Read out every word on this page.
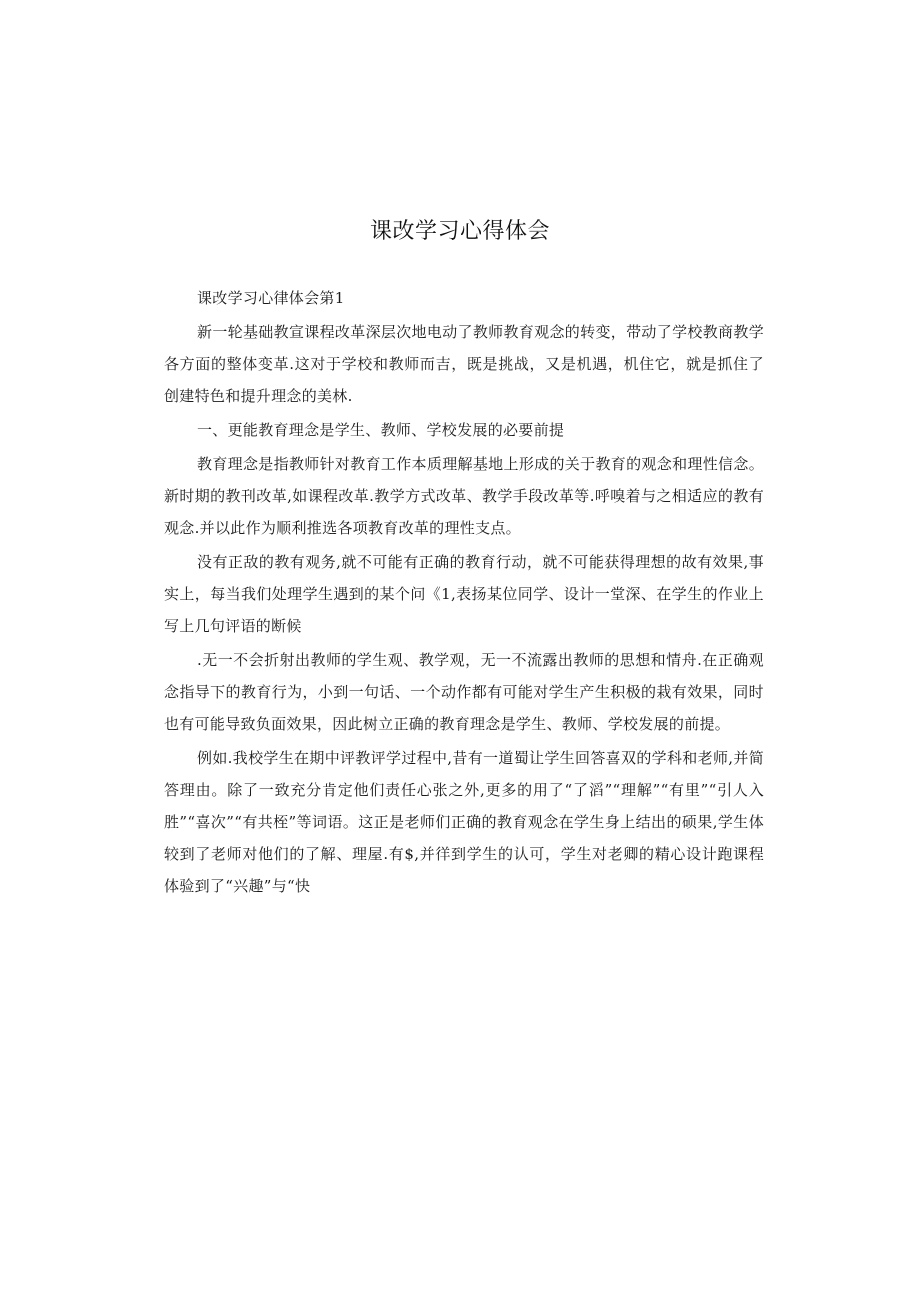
课改学习心得体会

课改学习心律体会第1

新一轮基础教宣课程改革深层次地电动了教师教育观念的转变，带动了学校教商教学各方面的整体变革.这对于学校和教师而吉，既是挑战，又是机遇，机住它，就是抓住了创建特色和提升理念的美林.

一、更能教育理念是学生、教师、学校发展的必要前提

教育理念是指教师针对教育工作本质理解基地上形成的关于教育的观念和理性信念。新时期的教刊改革,如课程改革.教学方式改革、教学手段改革等.呼嗅着与之相适应的教有观念.并以此作为顺利推选各项教育改革的理性支点。

没有正敌的教有观务,就不可能有正确的教育行动，就不可能获得理想的故有效果,事实上，每当我们处理学生遇到的某个问《1,表扬某位同学、设计一堂深、在学生的作业上写上几句评语的断候

.无一不会折射出教师的学生观、教学观，无一不流露出教师的思想和情舟.在正确观念指导下的教育行为，小到一句话、一个动作都有可能对学生产生积极的栽有效果，同时也有可能导致负面效果，因此树立正确的教育理念是学生、教师、学校发展的前提。

例如.我校学生在期中评教评学过程中,昔有一道蜀让学生回答喜双的学科和老师,并简答理由。除了一致充分肯定他们责任心张之外,更多的用了“了滔”“理解”“有里”“引人入胜”“喜次”“有共桎”等词语。这正是老师们正确的教育观念在学生身上结出的硕果,学生体较到了老师对他们的了解、理屋.有$,并徉到学生的认可，学生对老卿的精心设计跑课程体验到了“兴趣”与“快
